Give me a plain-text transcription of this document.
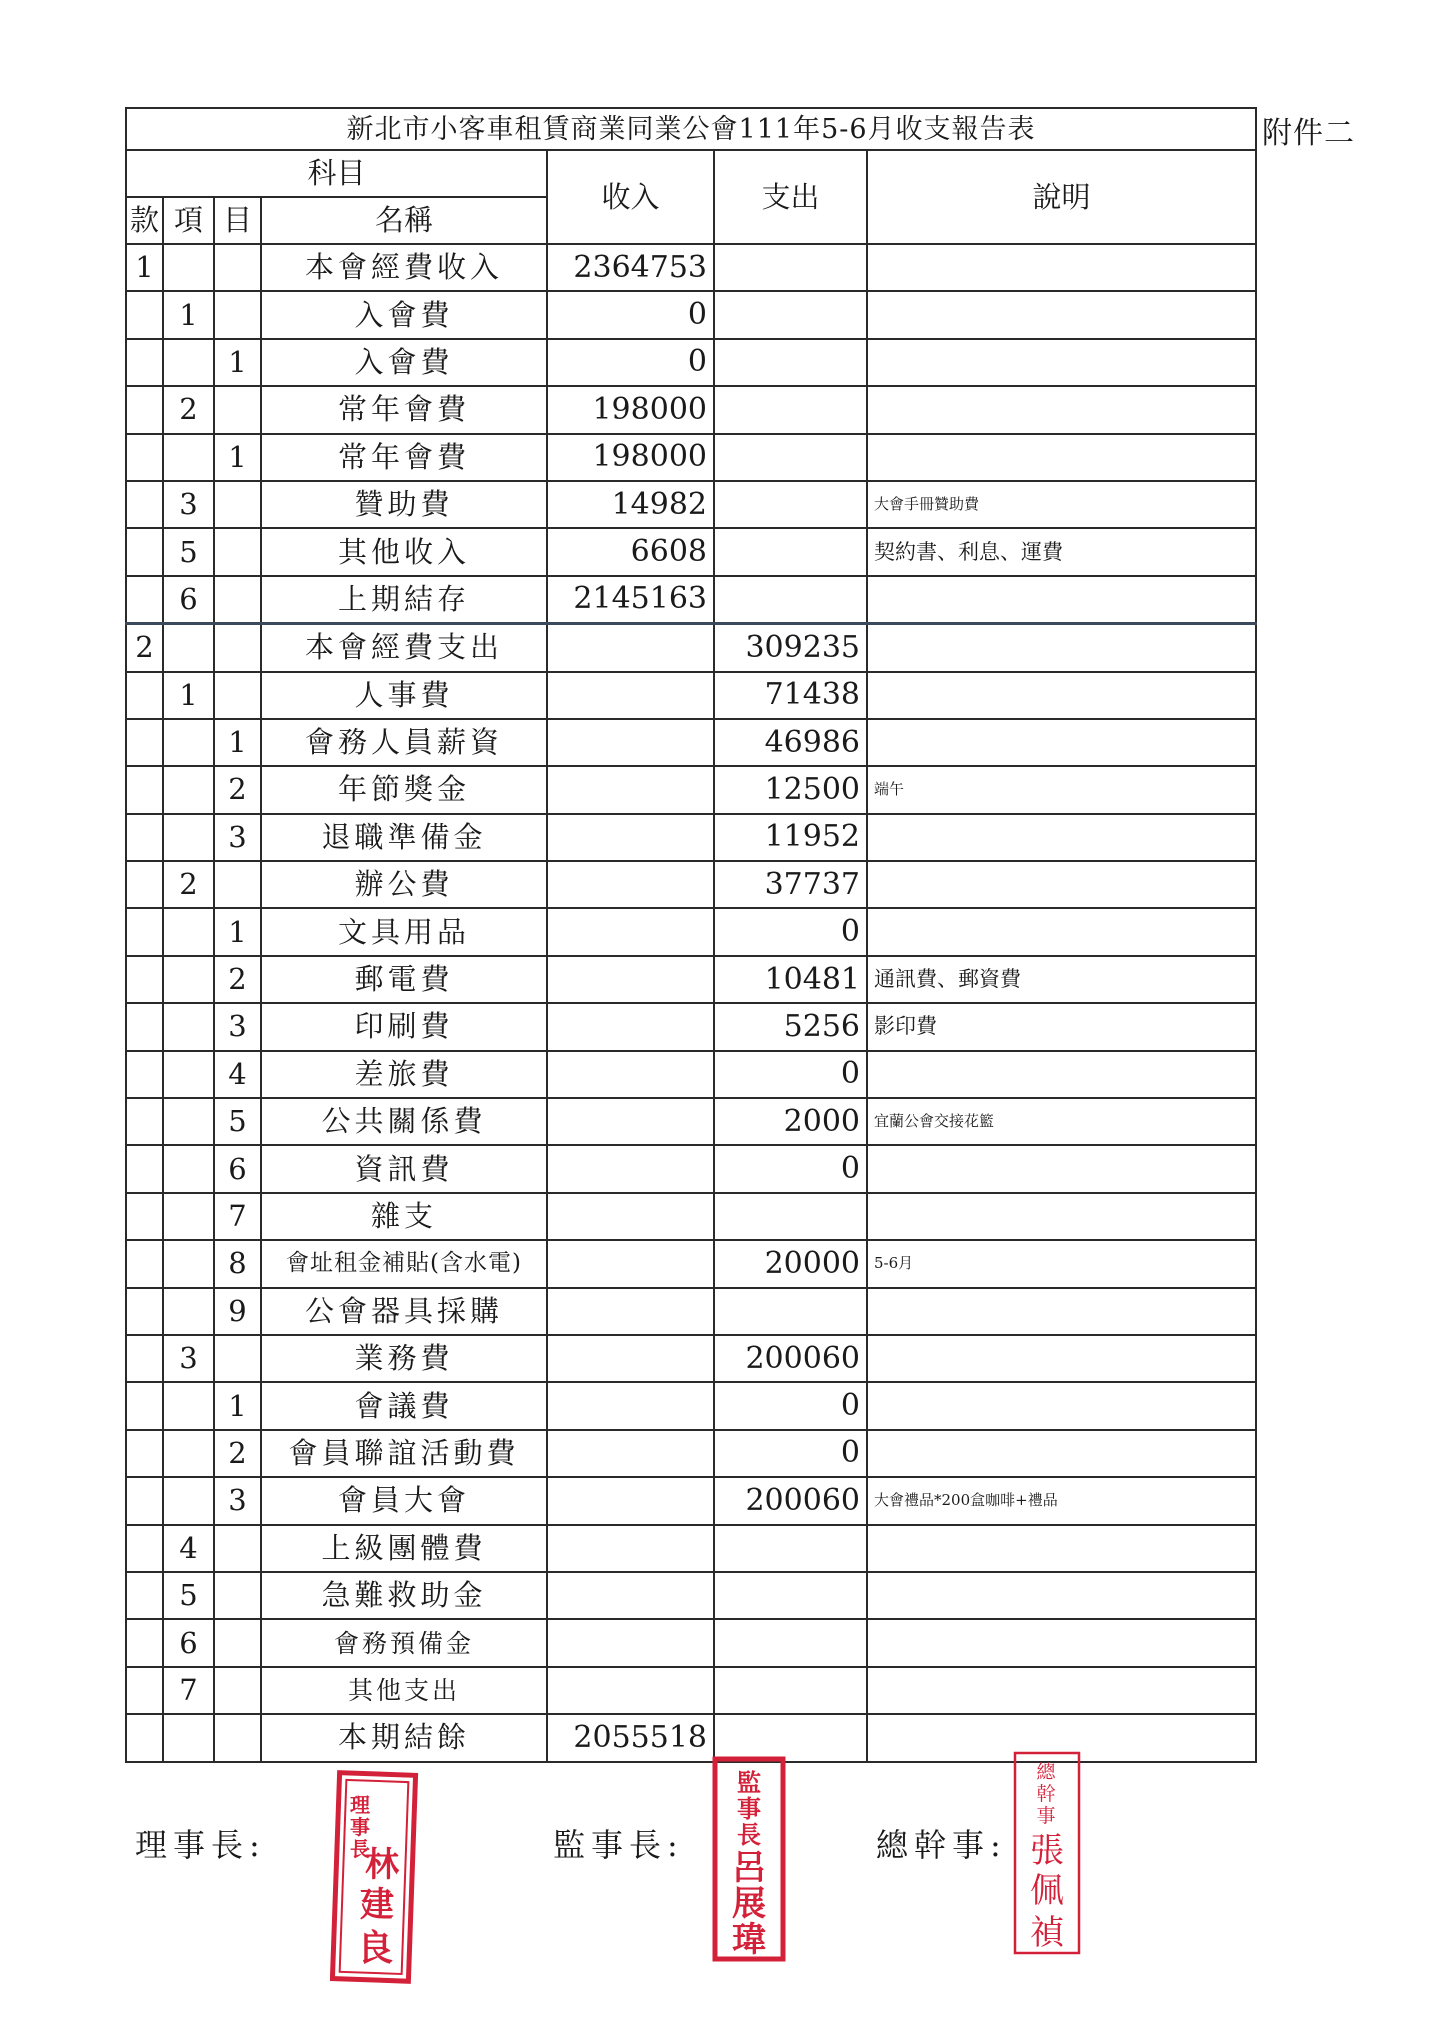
附件二
新北市小客車租賃商業同業公會111年5-6月收支報告表						
科目				收入	支出	說明
款	項	目	名稱			
1			本會經費收入	2364753		
	1		入會費	0		
		1	入會費	0		
	2		常年會費	198000		
		1	常年會費	198000		
	3		贊助費	14982		大會手冊贊助費
	5		其他收入	6608		契約書、利息、運費
	6		上期結存	2145163		
2			本會經費支出		309235	
	1		人事費		71438	
		1	會務人員薪資		46986	
		2	年節獎金		12500	端午
		3	退職準備金		11952	
	2		辦公費		37737	
		1	文具用品		0	
		2	郵電費		10481	通訊費、郵資費
		3	印刷費		5256	影印費
		4	差旅費		0	
		5	公共關係費		2000	宜蘭公會交接花籃
		6	資訊費		0	
		7	雜支			
		8	會址租金補貼(含水電)		20000	5-6月
		9	公會器具採購			
	3		業務費		200060	
		1	會議費		0	
		2	會員聯誼活動費		0	
		3	會員大會		200060	大會禮品*200盒咖啡+禮品
	4		上級團體費			
	5		急難救助金			
	6		會務預備金			
	7		其他支出			
			本期結餘	2055518		
理事長:	監事長:	總幹事:
理
事
長
林
建
良
監
事
長
呂
展
瑋
總
幹
事
張
佩
禎
